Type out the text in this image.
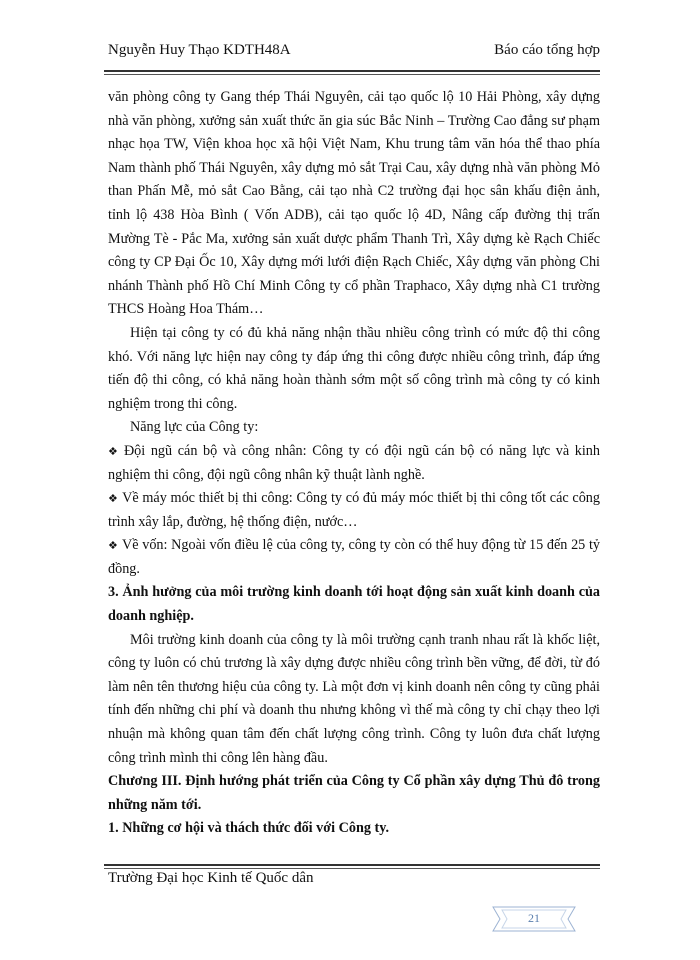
Nguyễn Huy Thạo KDTH48A	Báo cáo tổng hợp

văn phòng công ty Gang thép Thái Nguyên, cải tạo quốc lộ 10 Hải Phòng, xây dựng nhà văn phòng, xưởng sản xuất thức ăn gia súc Bắc Ninh – Trường Cao đẳng sư phạm nhạc họa TW, Viện khoa học xã hội Việt Nam, Khu trung tâm văn hóa thể thao phía Nam thành phố Thái Nguyên, xây dựng mỏ sắt Trại Cau, xây dựng nhà văn phòng Mỏ than Phấn Mễ, mỏ sắt Cao Bằng, cải tạo nhà C2 trường đại học sân khấu điện ảnh, tỉnh lộ 438 Hòa Bình ( Vốn ADB), cải tạo quốc lộ 4D, Nâng cấp đường thị trấn Mường Tè - Pắc Ma, xưởng sản xuất dược phẩm Thanh Trì, Xây dựng kè Rạch Chiếc công ty CP Đại Ốc 10, Xây dựng mới lưới điện Rạch Chiếc, Xây dựng văn phòng Chi nhánh Thành phố Hồ Chí Minh Công ty cổ phần Traphaco, Xây dựng nhà C1 trường THCS Hoàng Hoa Thám…

Hiện tại công ty có đủ khả năng nhận thầu nhiều công trình có mức độ thi công khó. Với năng lực hiện nay công ty đáp ứng thi công được nhiều công trình, đáp ứng tiến độ thi công, có khả năng hoàn thành sớm một số công trình mà công ty có kinh nghiệm trong thi công.

Năng lực của Công ty:

❖ Đội ngũ cán bộ và công nhân: Công ty có đội ngũ cán bộ có năng lực và kinh nghiệm thi công, đội ngũ công nhân kỹ thuật lành nghề.

❖ Về máy móc thiết bị thi công: Công ty có đủ máy móc thiết bị thi công tốt các công trình xây lắp, đường, hệ thống điện, nước…

❖ Về vốn: Ngoài vốn điều lệ của công ty, công ty còn có thể huy động từ 15 đến 25 tỷ đồng.

3. Ảnh hưởng của môi trường kinh doanh tới hoạt động sản xuất kinh doanh của doanh nghiệp.

Môi trường kinh doanh của công ty là môi trường cạnh tranh nhau rất là khốc liệt, công ty luôn có chủ trương là xây dựng được nhiều công trình bền vững, để đời, từ đó làm nên tên thương hiệu của công ty. Là một đơn vị kinh doanh nên công ty cũng phải tính đến những chi phí và doanh thu nhưng không vì thế mà công ty chỉ chạy theo lợi nhuận mà không quan tâm đến chất lượng công trình. Công ty luôn đưa chất lượng công trình mình thi công lên hàng đầu.

Chương III. Định hướng phát triển của Công ty Cổ phần xây dựng Thủ đô trong những năm tới.

1. Những cơ hội và thách thức đối với Công ty.

Trường Đại học Kinh tế Quốc dân
21
